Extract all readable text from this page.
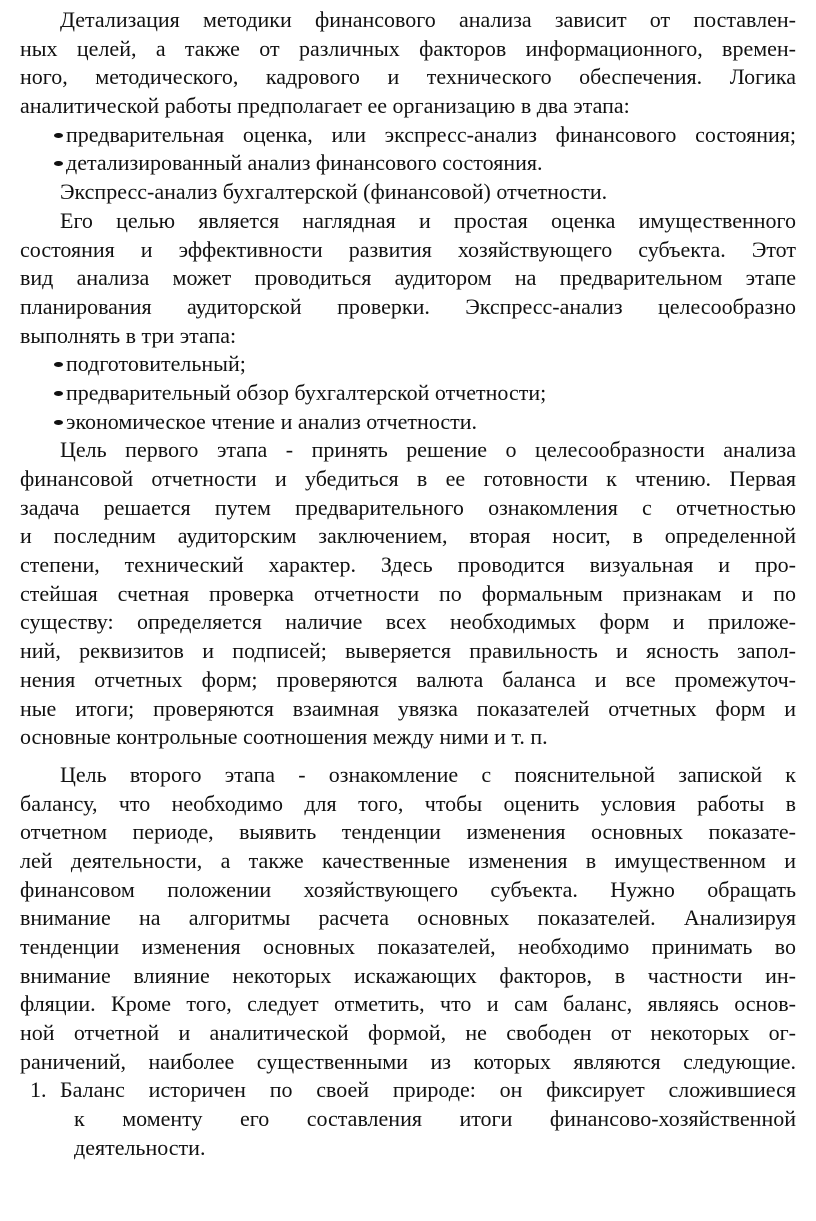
Детализация методики финансового анализа зависит от поставлен-
ных целей, а также от различных факторов информационного, времен-
ного, методического, кадрового и технического обеспечения. Логика
аналитической работы предполагает ее организацию в два этапа:
предварительная оценка, или экспресс-анализ финансового состояния;
детализированный анализ финансового состояния.
Экспресс-анализ бухгалтерской (финансовой) отчетности.
Его целью является наглядная и простая оценка имущественного
состояния и эффективности развития хозяйствующего субъекта. Этот
вид анализа может проводиться аудитором на предварительном этапе
планирования аудиторской проверки. Экспресс-анализ целесообразно
выполнять в три этапа:
подготовительный;
предварительный обзор бухгалтерской отчетности;
экономическое чтение и анализ отчетности.
Цель первого этапа - принять решение о целесообразности анализа
финансовой отчетности и убедиться в ее готовности к чтению. Первая
задача решается путем предварительного ознакомления с отчетностью
и последним аудиторским заключением, вторая носит, в определенной
степени, технический характер. Здесь проводится визуальная и про-
стейшая счетная проверка отчетности по формальным признакам и по
существу: определяется наличие всех необходимых форм и приложе-
ний, реквизитов и подписей; выверяется правильность и ясность запол-
нения отчетных форм; проверяются валюта баланса и все промежуточ-
ные итоги; проверяются взаимная увязка показателей отчетных форм и
основные контрольные соотношения между ними и т. п.
Цель второго этапа - ознакомление с пояснительной запиской к
балансу, что необходимо для того, чтобы оценить условия работы в
отчетном периоде, выявить тенденции изменения основных показате-
лей деятельности, а также качественные изменения в имущественном и
финансовом положении хозяйствующего субъекта. Нужно обращать
внимание на алгоритмы расчета основных показателей. Анализируя
тенденции изменения основных показателей, необходимо принимать во
внимание влияние некоторых искажающих факторов, в частности ин-
фляции. Кроме того, следует отметить, что и сам баланс, являясь основ-
ной отчетной и аналитической формой, не свободен от некоторых ог-
раничений, наиболее существенными из которых являются следующие.
1. Баланс историчен по своей природе: он фиксирует сложившиеся
к моменту его составления итоги финансово-хозяйственной
деятельности.
